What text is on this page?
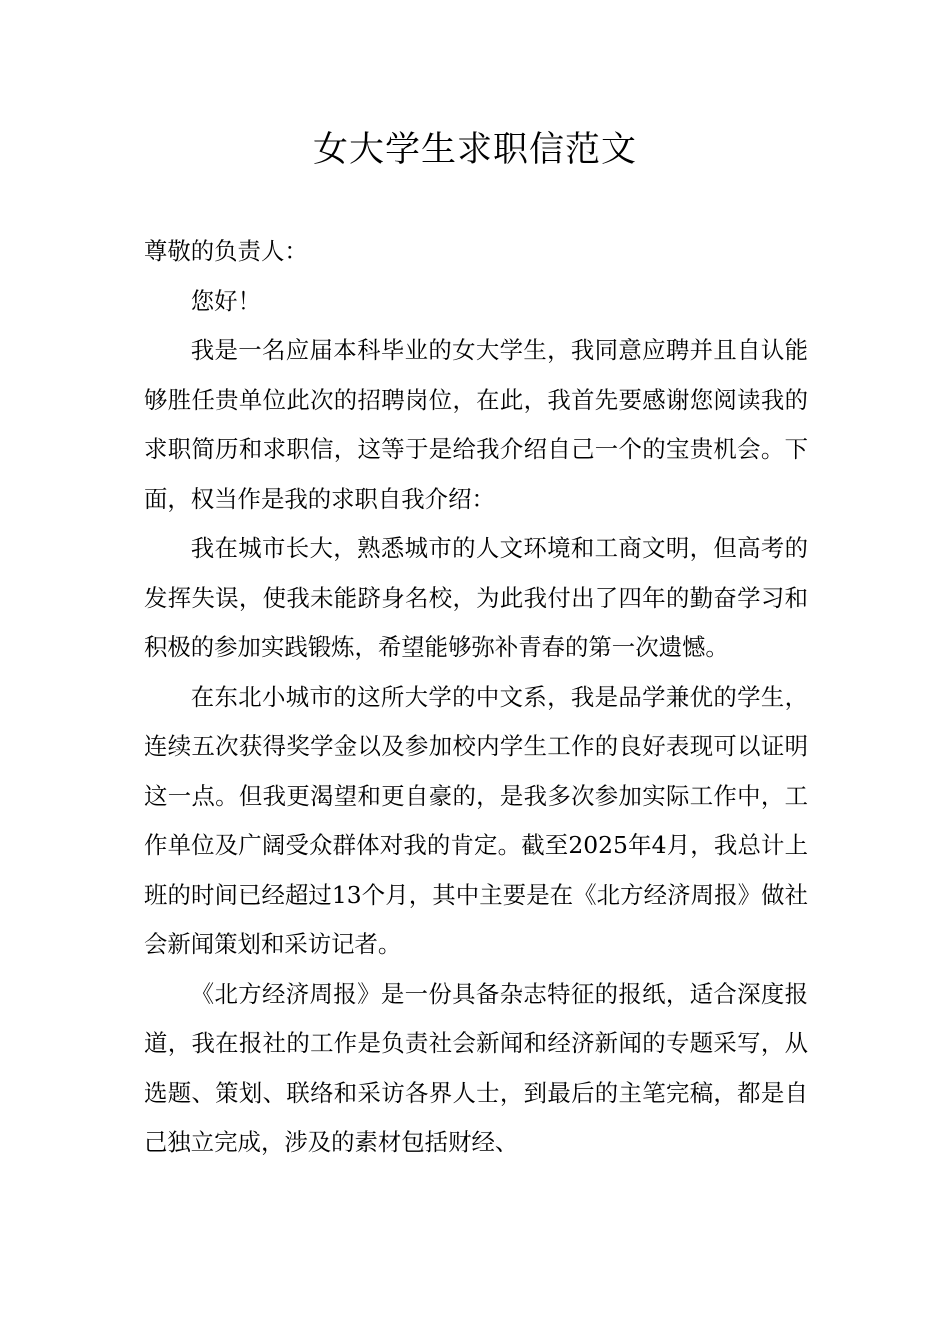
女大学生求职信范文

尊敬的负责人：

您好！

我是一名应届本科毕业的女大学生，我同意应聘并且自认能够胜任贵单位此次的招聘岗位，在此，我首先要感谢您阅读我的求职简历和求职信，这等于是给我介绍自己一个的宝贵机会。下面，权当作是我的求职自我介绍：

我在城市长大，熟悉城市的人文环境和工商文明，但高考的发挥失误，使我未能跻身名校，为此我付出了四年的勤奋学习和积极的参加实践锻炼，希望能够弥补青春的第一次遗憾。

在东北小城市的这所大学的中文系，我是品学兼优的学生，连续五次获得奖学金以及参加校内学生工作的良好表现可以证明这一点。但我更渴望和更自豪的，是我多次参加实际工作中，工作单位及广阔受众群体对我的肯定。截至2025年4月，我总计上班的时间已经超过13个月，其中主要是在《北方经济周报》做社会新闻策划和采访记者。

《北方经济周报》是一份具备杂志特征的报纸，适合深度报道，我在报社的工作是负责社会新闻和经济新闻的专题采写，从选题、策划、联络和采访各界人士，到最后的主笔完稿，都是自己独立完成，涉及的素材包括财经、
